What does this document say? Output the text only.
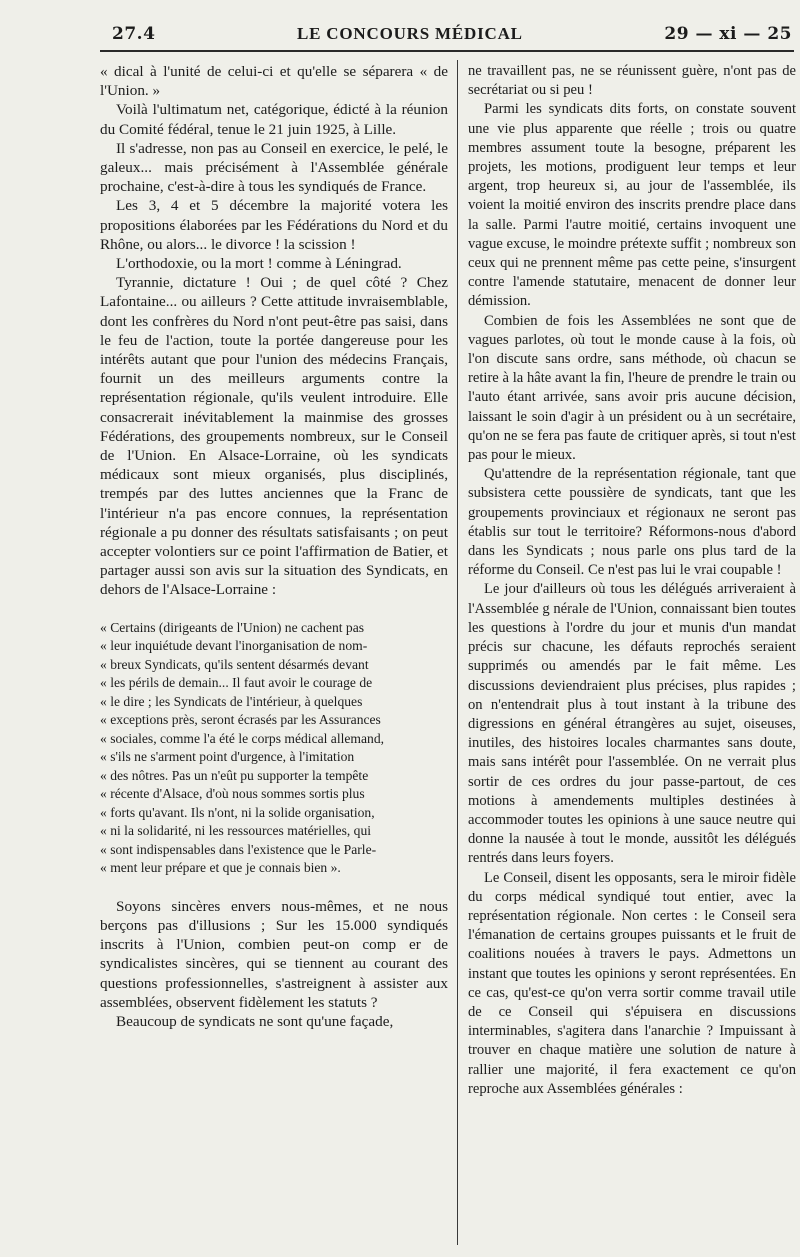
27.4	LE CONCOURS MÉDICAL	29 — xi — 25

« dical à l'unité de celui-ci et qu'elle se séparera « de l'Union. »

Voilà l'ultimatum net, catégorique, édicté à la réunion du Comité fédéral, tenue le 21 juin 1925, à Lille.

Il s'adresse, non pas au Conseil en exercice, le pelé, le galeux... mais précisément à l'Assemblée générale prochaine, c'est-à-dire à tous les syndiqués de France.

Les 3, 4 et 5 décembre la majorité votera les propositions élaborées par les Fédérations du Nord et du Rhône, ou alors... le divorce ! la scission !

L'orthodoxie, ou la mort ! comme à Léningrad.

Tyrannie, dictature ! Oui ; de quel côté ? Chez Lafontaine... ou ailleurs ? Cette attitude invraisemblable, dont les confrères du Nord n'ont peut-être pas saisi, dans le feu de l'action, toute la portée dangereuse pour les intérêts autant que pour l'union des médecins Français, fournit un des meilleurs arguments contre la représentation régionale, qu'ils veulent introduire. Elle consacrerait inévitablement la mainmise des grosses Fédérations, des groupements nombreux, sur le Conseil de l'Union. En Alsace-Lorraine, où les syndicats médicaux sont mieux organisés, plus disciplinés, trempés par des luttes anciennes que la Franc de l'intérieur n'a pas encore connues, la représentation régionale a pu donner des résultats satisfaisants ; on peut accepter volontiers sur ce point l'affirmation de Batier, et partager aussi son avis sur la situation des Syndicats, en dehors de l'Alsace-Lorraine :

« Certains (dirigeants de l'Union) ne cachent pas
« leur inquiétude devant l'inorganisation de nom-
« breux Syndicats, qu'ils sentent désarmés devant
« les périls de demain... Il faut avoir le courage de
« le dire ; les Syndicats de l'intérieur, à quelques
« exceptions près, seront écrasés par les Assurances
« sociales, comme l'a été le corps médical allemand,
« s'ils ne s'arment point d'urgence, à l'imitation
« des nôtres. Pas un n'eût pu supporter la tempête
« récente d'Alsace, d'où nous sommes sortis plus
« forts qu'avant. Ils n'ont, ni la solide organisation,
« ni la solidarité, ni les ressources matérielles, qui
« sont indispensables dans l'existence que le Parle-
« ment leur prépare et que je connais bien ».

Soyons sincères envers nous-mêmes, et ne nous berçons pas d'illusions ; Sur les 15.000 syndiqués inscrits à l'Union, combien peut-on comp er de syndicalistes sincères, qui se tiennent au courant des questions professionnelles, s'astreignent à assister aux assemblées, observent fidèlement les statuts ?

Beaucoup de syndicats ne sont qu'une façade,

ne travaillent pas, ne se réunissent guère, n'ont pas de secrétariat ou si peu !

Parmi les syndicats dits forts, on constate souvent une vie plus apparente que réelle ; trois ou quatre membres assument toute la besogne, préparent les projets, les motions, prodiguent leur temps et leur argent, trop heureux si, au jour de l'assemblée, ils voient la moitié environ des inscrits prendre place dans la salle. Parmi l'autre moitié, certains invoquent une vague excuse, le moindre prétexte suffit ; nombreux son ceux qui ne prennent même pas cette peine, s'insurgent contre l'amende statutaire, menacent de donner leur démission.

Combien de fois les Assemblées ne sont que de vagues parlotes, où tout le monde cause à la fois, où l'on discute sans ordre, sans méthode, où chacun se retire à la hâte avant la fin, l'heure de prendre le train ou l'auto étant arrivée, sans avoir pris aucune décision, laissant le soin d'agir à un président ou à un secrétaire, qu'on ne se fera pas faute de critiquer après, si tout n'est pas pour le mieux.

Qu'attendre de la représentation régionale, tant que subsistera cette poussière de syndicats, tant que les groupements provinciaux et régionaux ne seront pas établis sur tout le territoire? Réformons-nous d'abord dans les Syndicats ; nous parle ons plus tard de la réforme du Conseil. Ce n'est pas lui le vrai coupable !

Le jour d'ailleurs où tous les délégués arriveraient à l'Assemblée g nérale de l'Union, connaissant bien toutes les questions à l'ordre du jour et munis d'un mandat précis sur chacune, les défauts reprochés seraient supprimés ou amendés par le fait même. Les discussions deviendraient plus précises, plus rapides ; on n'entendrait plus à tout instant à la tribune des digressions en général étrangères au sujet, oiseuses, inutiles, des histoires locales charmantes sans doute, mais sans intérêt pour l'assemblée. On ne verrait plus sortir de ces ordres du jour passe-partout, de ces motions à amendements multiples destinées à accommoder toutes les opinions à une sauce neutre qui donne la nausée à tout le monde, aussitôt les délégués rentrés dans leurs foyers.

Le Conseil, disent les opposants, sera le miroir fidèle du corps médical syndiqué tout entier, avec la représentation régionale. Non certes : le Conseil sera l'émanation de certains groupes puissants et le fruit de coalitions nouées à travers le pays. Admettons un instant que toutes les opinions y seront représentées. En ce cas, qu'est-ce qu'on verra sortir comme travail utile de ce Conseil qui s'épuisera en discussions interminables, s'agitera dans l'anarchie ? Impuissant à trouver en chaque matière une solution de nature à rallier une majorité, il fera exactement ce qu'on reproche aux Assemblées générales :
